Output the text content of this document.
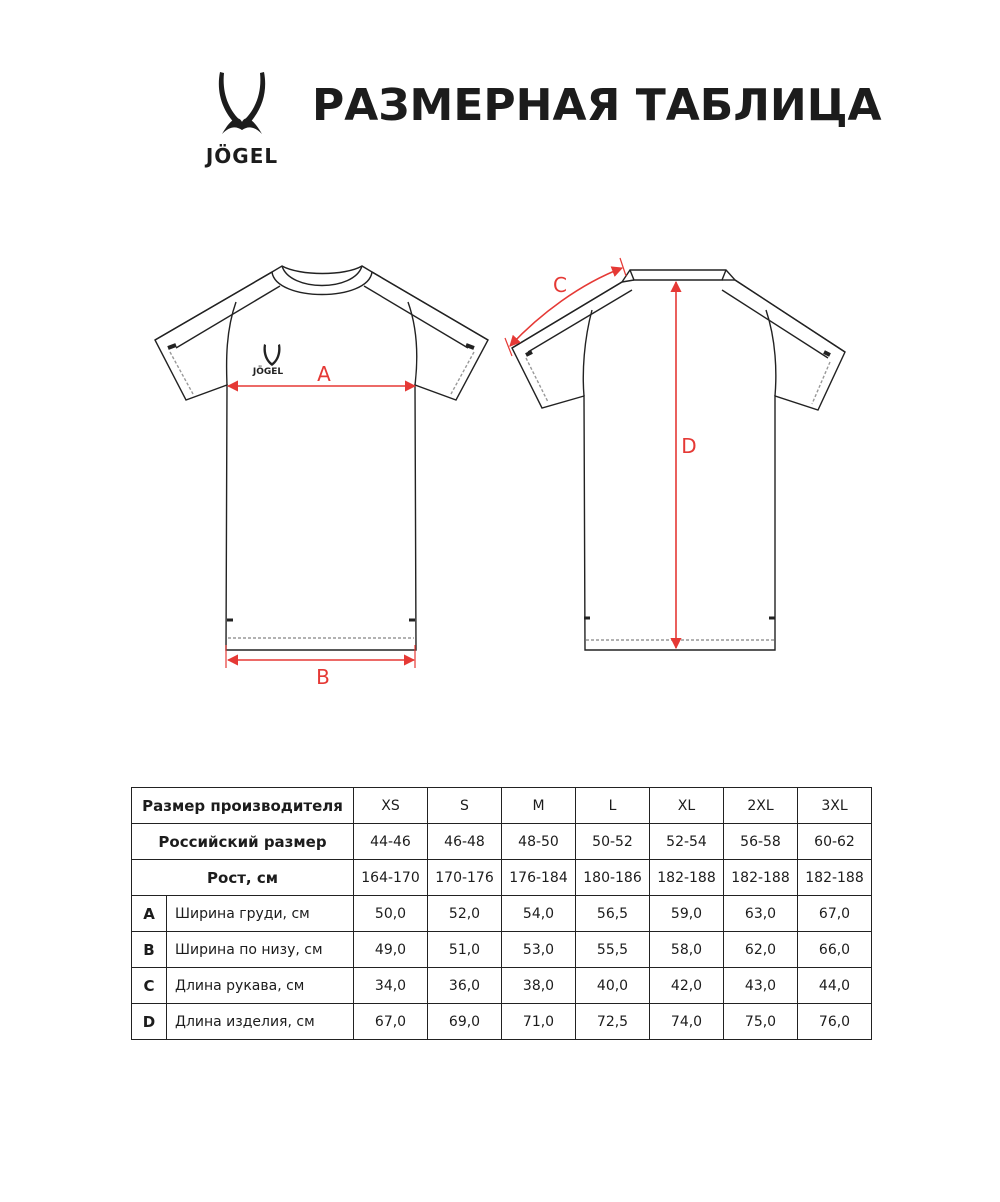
JÖGEL
РАЗМЕРНАЯ ТАБЛИЦА
JÖGEL A
B
C
D
Размер производителя		XS	S	M	L	XL	2XL	3XL
Российский размер		44-46	46-48	48-50	50-52	52-54	56-58	60-62
Рост, см		164-170	170-176	176-184	180-186	182-188	182-188	182-188
A	Ширина груди, см	50,0	52,0	54,0	56,5	59,0	63,0	67,0
B	Ширина по низу, см	49,0	51,0	53,0	55,5	58,0	62,0	66,0
C	Длина рукава, см	34,0	36,0	38,0	40,0	42,0	43,0	44,0
D	Длина изделия, см	67,0	69,0	71,0	72,5	74,0	75,0	76,0
